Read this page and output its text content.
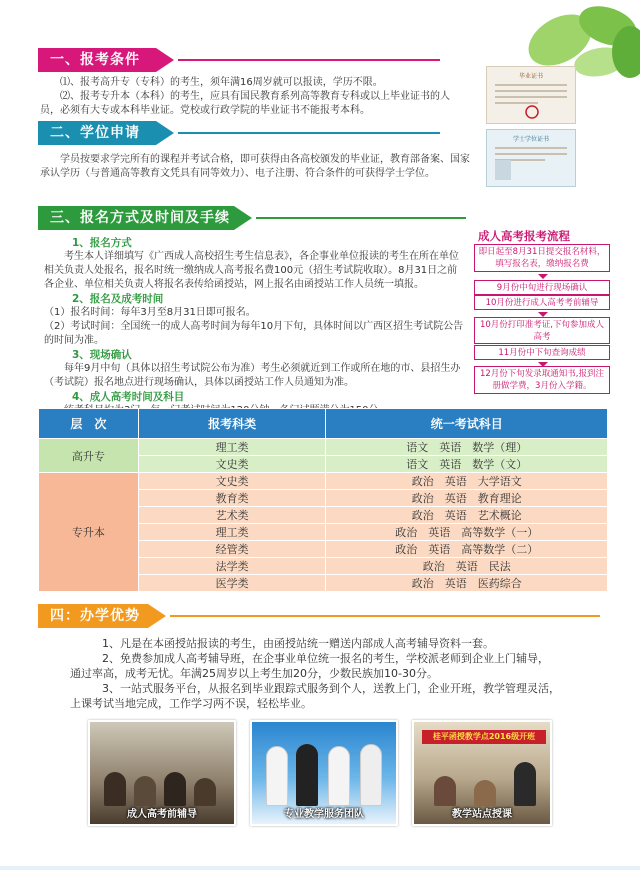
一、报考条件
⑴、报考高升专（专科）的考生，须年满16周岁就可以报读，学历不限。
⑵、报考专升本（本科）的考生，应具有国民教育系列高等教育专科或以上毕业证书的人员，必须有大专或本科毕业证。党校或行政学院的毕业证书不能报考本科。
毕业证书
二、学位申请
学员按要求学完所有的课程并考试合格，即可获得由各高校颁发的毕业证，教育部备案、国家承认学历（与普通高等教育文凭具有同等效力）、电子注册、符合条件的可获得学士学位。
学士学位证书
三、报名方式及时间及手续
1、报名方式
考生本人详细填写《广西成人高校招生考生信息表》，各企事业单位报读的考生在所在单位相关负责人处报名，报名时统一缴纳成人高考报名费100元（招生考试院收取）。8月31日之前各企业、单位相关负责人将报名表传给函授站，网上报名由函授站工作人员统一填报。
2、报名及成考时间
（1）报名时间：每年3月至8月31日即可报名。
（2）考试时间：全国统一的成人高考时间为每年10月下旬，具体时间以广西区招生考试院公告的时间为准。
3、现场确认
每年9月中旬（具体以招生考试院公布为准）考生必须就近到工作或所在地的市、县招生办（考试院）报名地点进行现场确认，具体以函授站工作人员通知为准。
4、成人高考时间及科目
成人高考报考流程
即日起至8月31日提交报名材料，填写报名表，缴纳报名费
9月份中旬进行现场确认
10月份进行成人高考考前辅导
10月份打印准考证,下旬参加成人高考
11月份中下旬查询成绩
12月份下旬发录取通知书,报到注册做学费，3月份入学籍。
层　次	报考科类	统一考试科目
高升专	理工类	语文　英语　数学（理）
	文史类	语文　英语　数学（文）
专升本	文史类	政治　英语　大学语文
	教育类	政治　英语　教育理论
	艺术类	政治　英语　艺术概论
	理工类	政治　英语　高等数学（一）
	经管类	政治　英语　高等数学（二）
	法学类	政治　英语　民法
	医学类	政治　英语　医药综合
四：办学优势
1、凡是在本函授站报读的考生，由函授站统一赠送内部成人高考辅导资料一套。
2、免费参加成人高考辅导班，在企事业单位统一报名的考生，学校派老师到企业上门辅导，
通过率高，成考无忧。年满25周岁以上考生加20分，少数民族加10-30分。
3、一站式服务平台，从报名到毕业跟踪式服务到个人，送教上门，企业开班，教学管理灵活，
上课考试当地完成，工作学习两不误，轻松毕业。
成人高考前辅导	专业教学服务团队
桂平函授教学点2016级开班
教学站点授课
